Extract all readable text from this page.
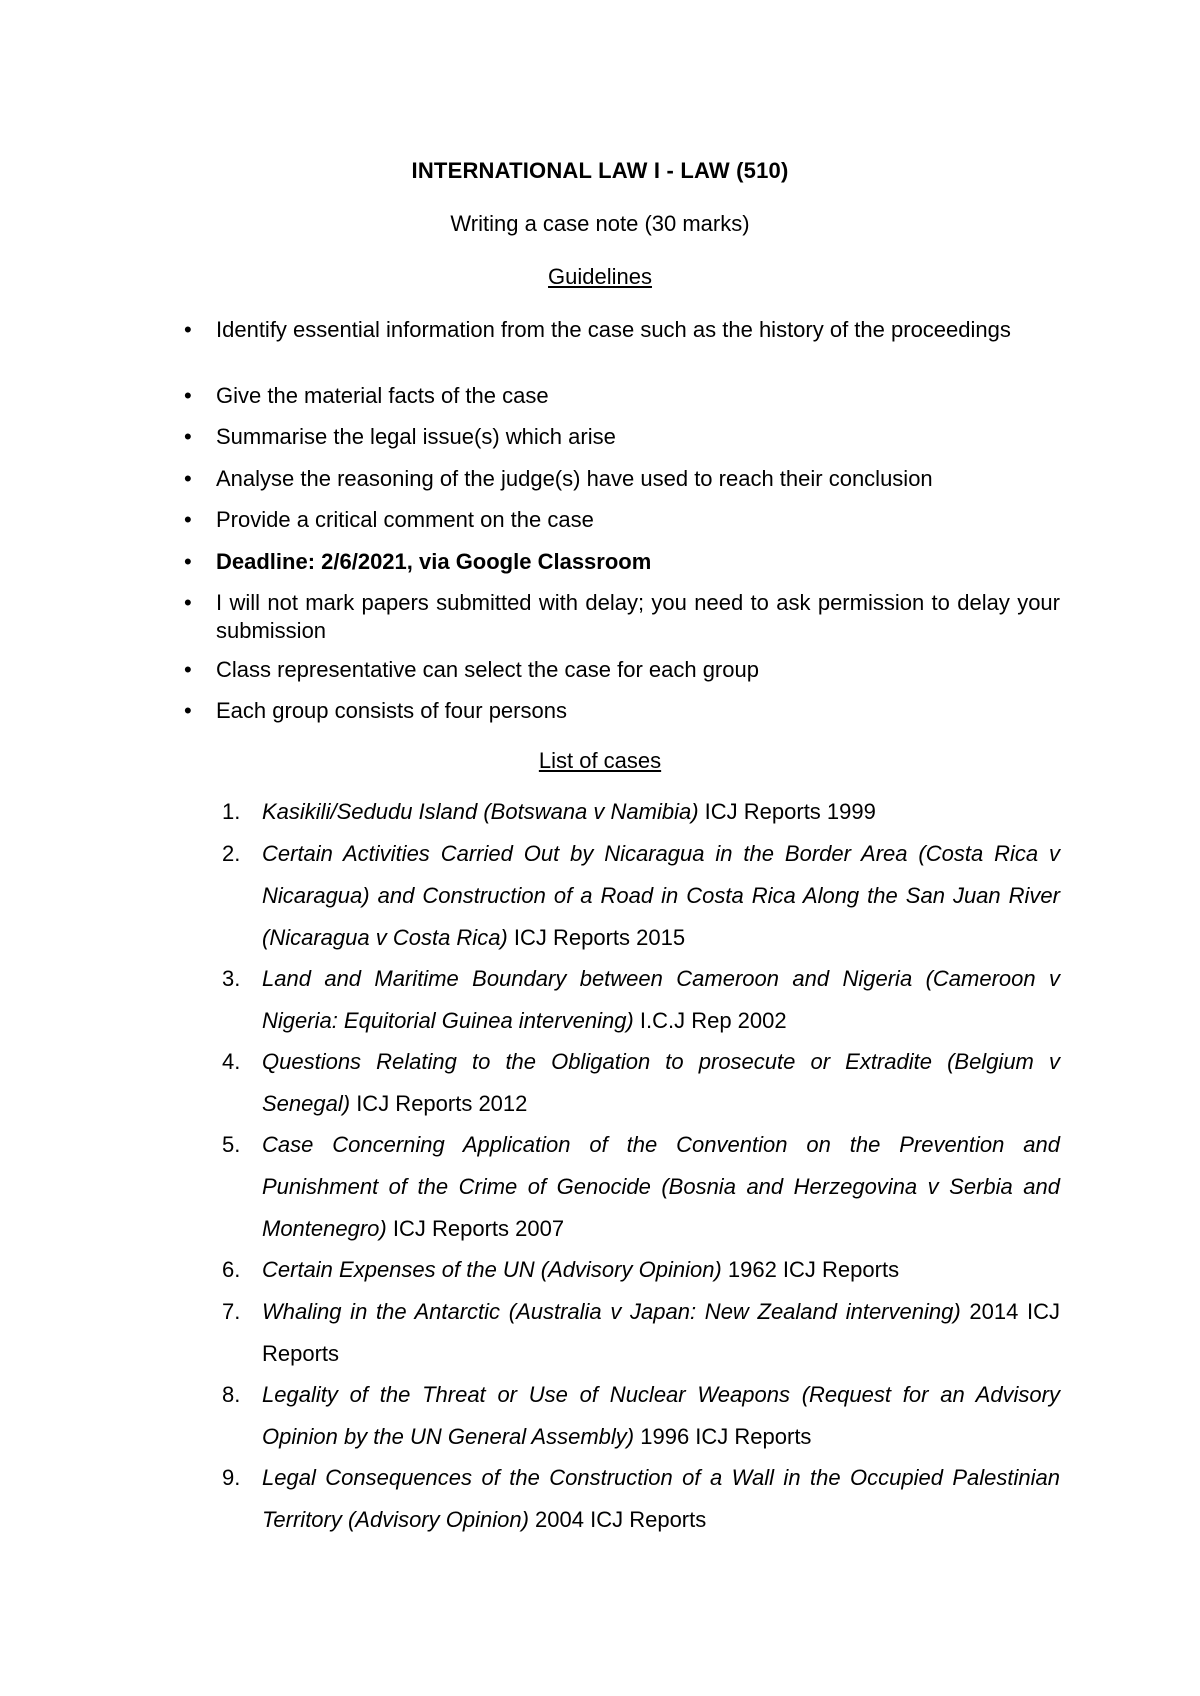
INTERNATIONAL LAW I - LAW (510)
Writing a case note (30 marks)
Guidelines
•	Identify essential information from the case such as the history of the proceedings
•	Give the material facts of the case
•	Summarise the legal issue(s) which arise
•	Analyse the reasoning of the judge(s) have used to reach their conclusion
•	Provide a critical comment on the case
•	Deadline: 2/6/2021, via Google Classroom
•	I will not mark papers submitted with delay; you need to ask permission to delay your submission
•	Class representative can select the case for each group
•	Each group consists of four persons
List of cases
1. Kasikili/Sedudu Island (Botswana v Namibia) ICJ Reports 1999
2. Certain Activities Carried Out by Nicaragua in the Border Area (Costa Rica v Nicaragua) and Construction of a Road in Costa Rica Along the San Juan River (Nicaragua v Costa Rica) ICJ Reports 2015
3. Land and Maritime Boundary between Cameroon and Nigeria (Cameroon v Nigeria: Equitorial Guinea intervening) I.C.J Rep 2002
4. Questions Relating to the Obligation to prosecute or Extradite (Belgium v Senegal) ICJ Reports 2012
5. Case Concerning Application of the Convention on the Prevention and Punishment of the Crime of Genocide (Bosnia and Herzegovina v Serbia and Montenegro) ICJ Reports 2007
6. Certain Expenses of the UN (Advisory Opinion) 1962 ICJ Reports
7. Whaling in the Antarctic (Australia v Japan: New Zealand intervening) 2014 ICJ Reports
8. Legality of the Threat or Use of Nuclear Weapons (Request for an Advisory Opinion by the UN General Assembly) 1996 ICJ Reports
9. Legal Consequences of the Construction of a Wall in the Occupied Palestinian Territory (Advisory Opinion) 2004 ICJ Reports
